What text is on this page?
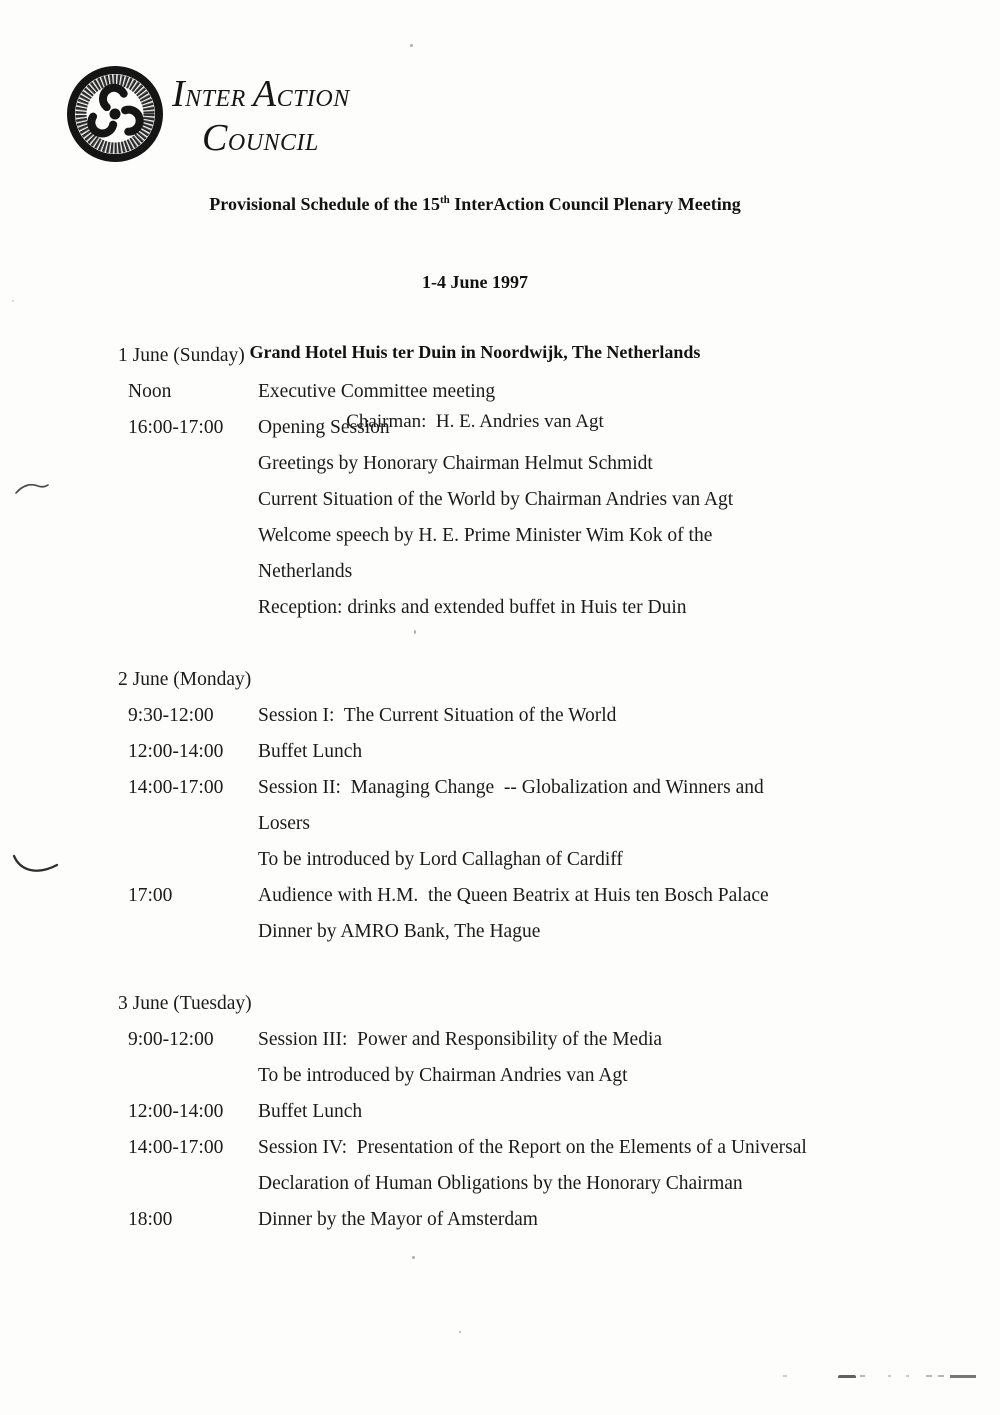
INTER ACTION
COUNCIL

Provisional Schedule of the 15th InterAction Council Plenary Meeting

1-4 June 1997

Grand Hotel Huis ter Duin in Noordwijk, The Netherlands

Chairman:  H. E. Andries van Agt

1 June (Sunday)
Noon	Executive Committee meeting
16:00-17:00	Opening Session
Greetings by Honorary Chairman Helmut Schmidt
Current Situation of the World by Chairman Andries van Agt
Welcome speech by H. E. Prime Minister Wim Kok of the
Netherlands
Reception: drinks and extended buffet in Huis ter Duin
2 June (Monday)
9:30-12:00	Session I:  The Current Situation of the World
12:00-14:00	Buffet Lunch
14:00-17:00	Session II:  Managing Change  -- Globalization and Winners and
Losers
To be introduced by Lord Callaghan of Cardiff
17:00	Audience with H.M.  the Queen Beatrix at Huis ten Bosch Palace
Dinner by AMRO Bank, The Hague
3 June (Tuesday)
9:00-12:00	Session III:  Power and Responsibility of the Media
To be introduced by Chairman Andries van Agt
12:00-14:00	Buffet Lunch
14:00-17:00	Session IV:  Presentation of the Report on the Elements of a Universal
Declaration of Human Obligations by the Honorary Chairman
18:00	Dinner by the Mayor of Amsterdam
